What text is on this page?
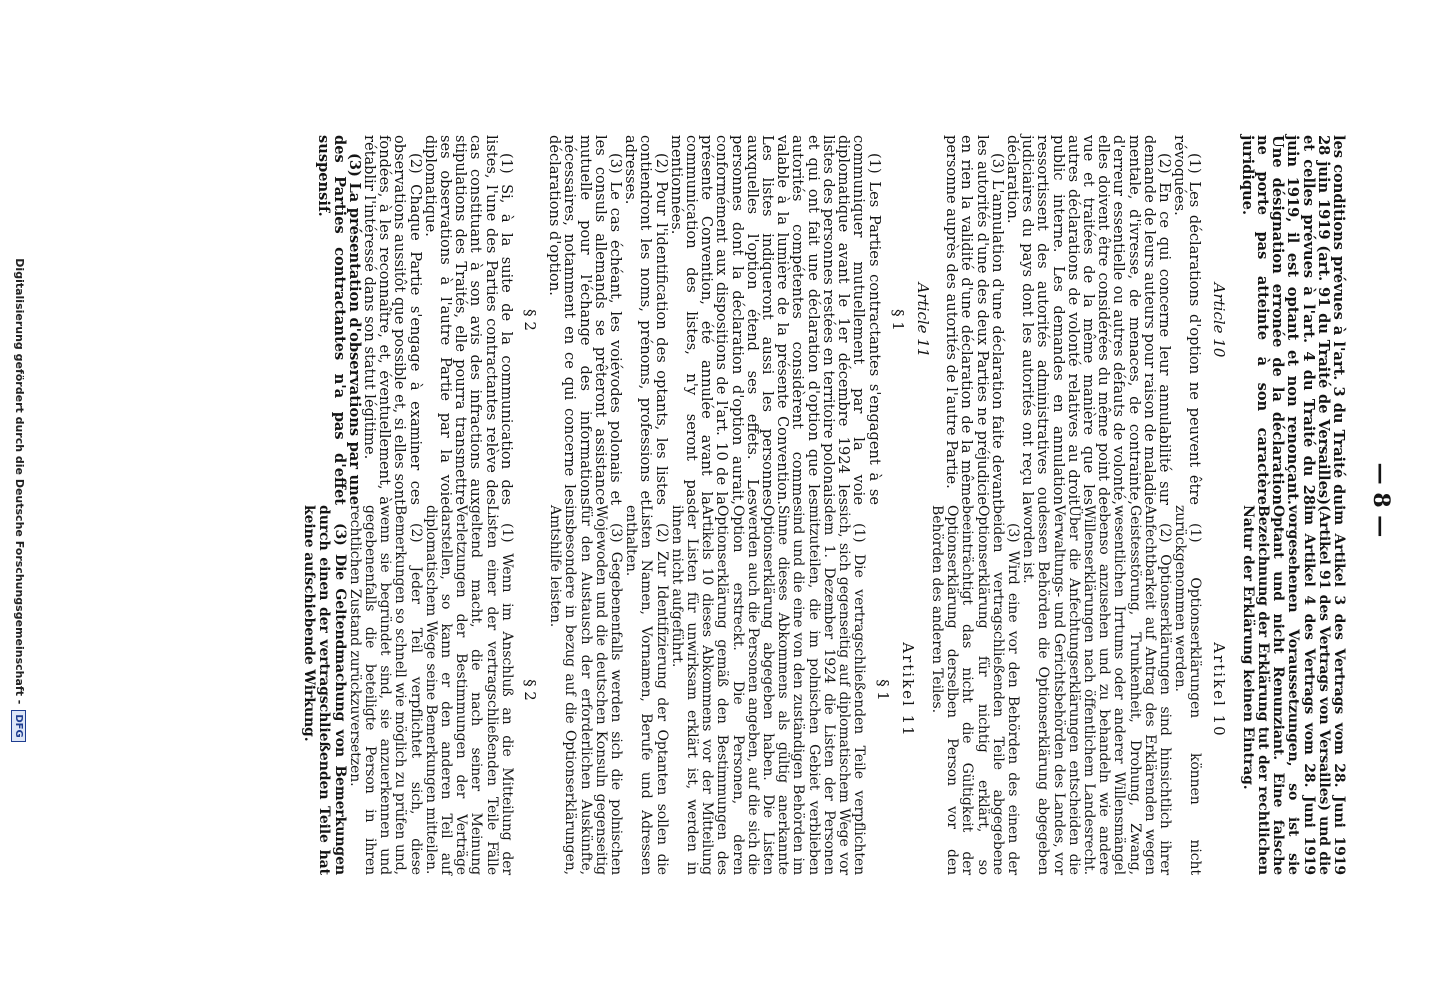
— 8 —

les conditions prévues à l'art. 3 du Traité du 28 juin 1919 (art. 91 du Traité de Versailles) et celles prévues à l'art. 4 du Traité du 28 juin 1919, il est optant et non renonçant. Une désignation erronée de la déclaration ne porte pas atteinte à son caractère juridique.

Article 10

(1) Les déclarations d'option ne peuvent être révoquées.

(2) En ce qui concerne leur annulabilité sur demande de leurs auteurs pour raison de maladie mentale, d'ivresse, de menaces, de contrainte, d'erreur essentielle ou autres défauts de volonté, elles doivent être considérées du même point de vue et traitées de la même manière que les autres déclarations de volonté relatives au droit public interne. Les demandes en annulation ressortissent des autorités administratives ou judiciaires du pays dont les autorités ont reçu la déclaration.

(3) L'annulation d'une déclaration faite devant les autorités d'une des deux Parties ne préjudicie en rien la validité d'une déclaration de la même personne auprès des autorités de l'autre Partie.

Article 11

§ 1

(1) Les Parties contractantes s'engagent à se communiquer mutuellement par la voie diplomatique avant le 1er décembre 1924 les listes des personnes restées en territoire polonais et qui ont fait une déclaration d'option que les autorités compétentes considèrent comme valable à la lumière de la présente Convention. Les listes indiqueront aussi les personnes auxquelles l'option étend ses effets. Les personnes dont la déclaration d'option aurait, conformément aux dispositions de l'art. 10 de la présente Convention, été annulée avant la communication des listes, n'y seront pas mentionnées.

(2) Pour l'identification des optants, les listes contiendront les noms, prénoms, professions et adresses.

(3) Le cas échéant, les voiévodes polonais et les consuls allemands se prêteront assistance mutuelle pour l'échange des informations nécessaires, notamment en ce qui concerne les déclarations d'option.

§ 2

(1) Si, à la suite de la communication des listes, l'une des Parties contractantes relève des cas constituant à son avis des infractions aux stipulations des Traités, elle pourra transmettre ses observations à l'autre Partie par la voie diplomatique.

(2) Chaque Partie s'engage à examiner ces observations aussitôt que possible et, si elles sont fondées, à les reconnaître, et, éventuellement, à rétablir l'intéressé dans son statut légitime.

(3) La présentation d'observations par une des Parties contractantes n'a pas d'effet suspensif.

im Artikel 3 des Vertrags vom 28. Juni 1919 (Artikel 91 des Vertrags von Versailles) und die im Artikel 4 des Vertrags vom 28. Juni 1919 vorgesehenen Voraussetzungen, so ist sie Optant und nicht Renunziant. Eine falsche Bezeichnung der Erklärung tut der rechtlichen Natur der Erklärung keinen Eintrag.

Artikel 10

(1) Optionserklärungen können nicht zurückgenommen werden.

(2) Optionserklärungen sind hinsichtlich ihrer Anfechtbarkeit auf Antrag des Erklärenden wegen Geistesstörung, Trunkenheit, Drohung, Zwang, wesentlichen Irrtums oder anderer Willensmängel ebenso anzusehen und zu behandeln wie andere Willenserklärungen nach öffentlichem Landesrecht. Über die Anfechtungserklärungen entscheiden die Verwaltungs- und Gerichtsbehörden des Landes, vor dessen Behörden die Optionserklärung abgegeben worden ist.

(3) Wird eine vor den Behörden des einen der beiden vertragschließenden Teile abgegebene Optionserklärung für nichtig erklärt, so beeinträchtigt das nicht die Gültigkeit der Optionserklärung derselben Person vor den Behörden des anderen Teiles.

Artikel 11

§ 1

(1) Die vertragschließenden Teile verpflichten sich, sich gegenseitig auf diplomatischem Wege vor dem 1. Dezember 1924 die Listen der Personen mitzuteilen, die im polnischen Gebiet verblieben sind und die eine von den zuständigen Behörden im Sinne dieses Abkommens als gültig anerkannte Optionserklärung abgegeben haben. Die Listen werden auch die Personen angeben, auf die sich die Option erstreckt. Die Personen, deren Optionserklärung gemäß den Bestimmungen des Artikels 10 dieses Abkommens vor der Mitteilung der Listen für unwirksam erklärt ist, werden in ihnen nicht aufgeführt.

(2) Zur Identifizierung der Optanten sollen die Listen Namen, Vornamen, Berufe und Adressen enthalten.

(3) Gegebenenfalls werden sich die polnischen Wojewoden und die deutschen Konsuln gegenseitig für den Austausch der erforderlichen Auskünfte, insbesondere in bezug auf die Optionserklärungen, Amtshilfe leisten.

§ 2

(1) Wenn im Anschluß an die Mitteilung der Listen einer der vertragschließenden Teile Fälle geltend macht, die nach seiner Meinung Verletzungen der Bestimmungen der Verträge darstellen, so kann er den anderen Teil auf diplomatischem Wege seine Bemerkungen mitteilen.

(2) Jeder Teil verpflichtet sich, diese Bemerkungen so schnell wie möglich zu prüfen und, wenn sie begründet sind, sie anzuerkennen und gegebenenfalls die beteiligte Person in ihren rechtlichen Zustand zurückzuversetzen.

(3) Die Geltendmachung von Bemerkungen durch einen der vertragschließenden Teile hat keine aufschiebende Wirkung.

Digitalisierung gefördert durch die Deutsche Forschungsgemeinschaft -DFG
